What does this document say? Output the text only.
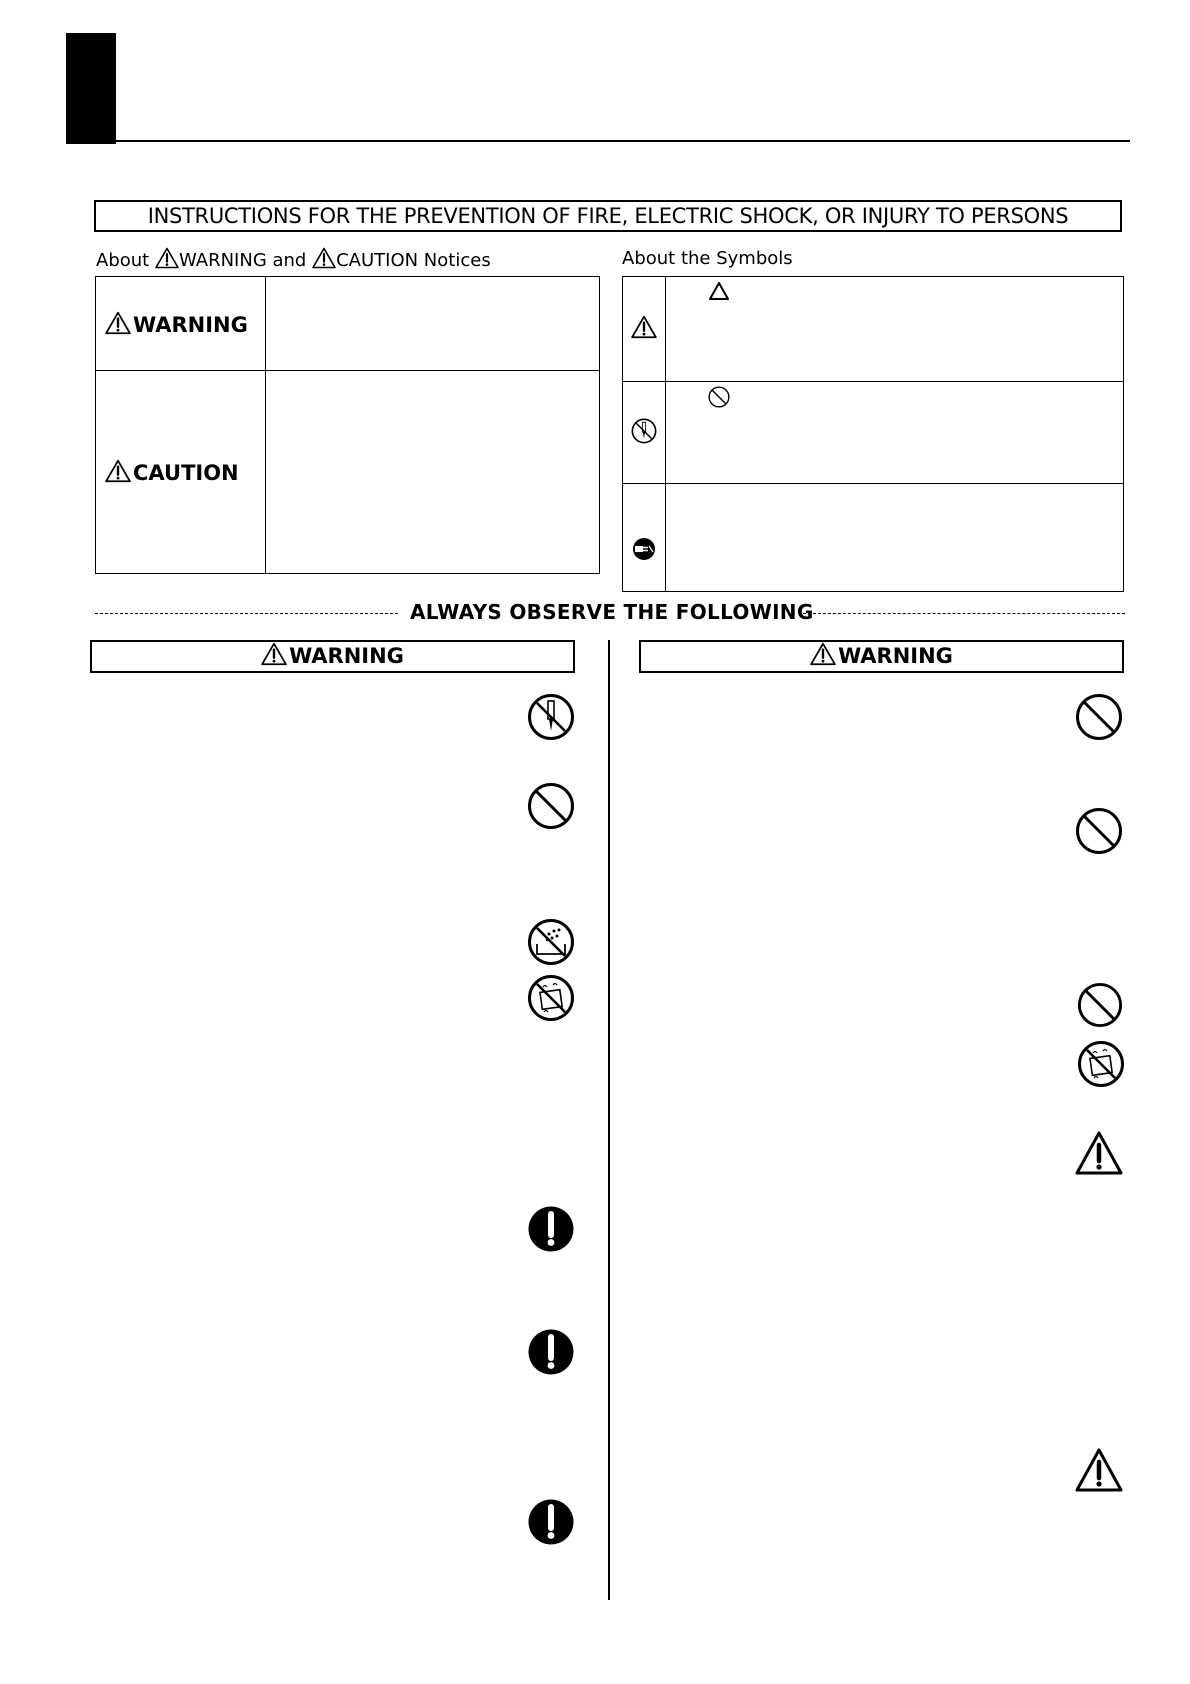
INSTRUCTIONS FOR THE PREVENTION OF FIRE, ELECTRIC SHOCK, OR INJURY TO PERSONS
About WARNING and CAUTION Notices
WARNING	
CAUTION	
About the Symbols

ALWAYS OBSERVE THE FOLLOWING
WARNING	WARNING
